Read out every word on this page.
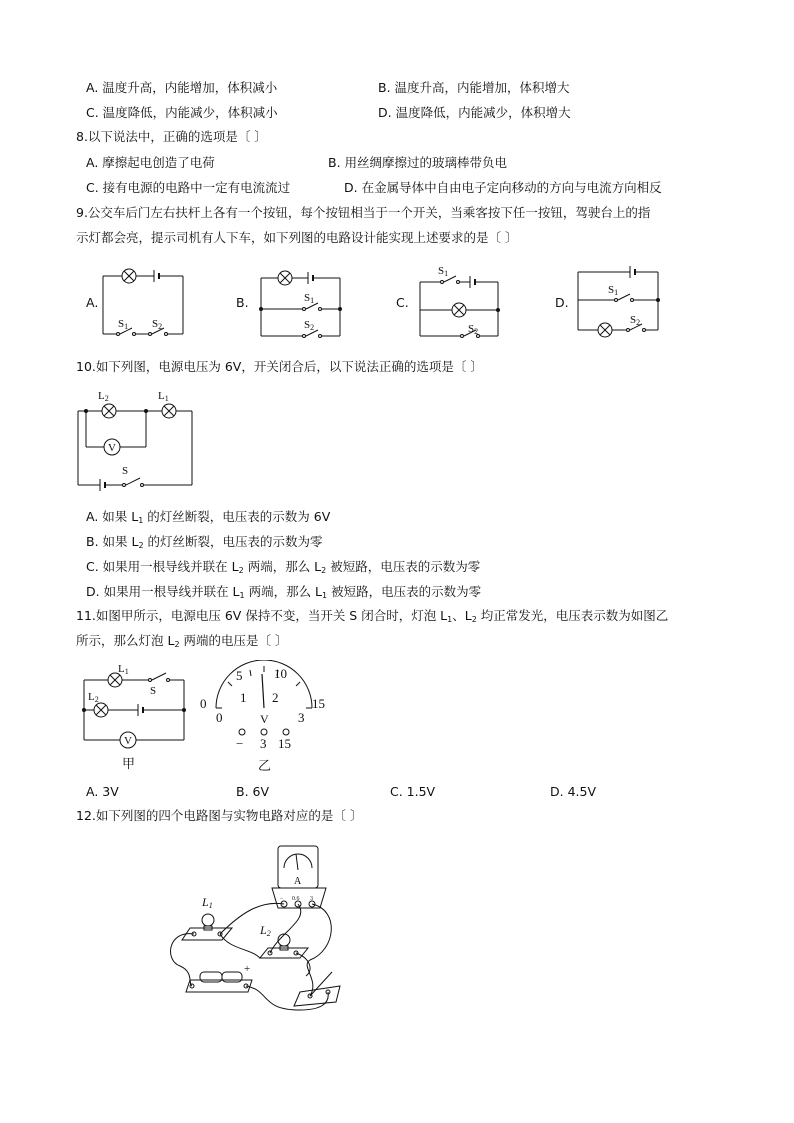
A. 温度升高，内能增加，体积减小	B. 温度升高，内能增加，体积增大
C. 温度降低，内能减少，体积减小	D. 温度降低，内能减少，体积增大
8.以下说法中，正确的选项是〔 〕
A. 摩擦起电创造了电荷	B. 用丝绸摩擦过的玻璃棒带负电
C. 接有电源的电路中一定有电流流过	D. 在金属导体中自由电子定向移动的方向与电流方向相反
9.公交车后门左右扶杆上各有一个按钮，每个按钮相当于一个开关，当乘客按下任一按钮，驾驶台上的指
示灯都会亮，提示司机有人下车，如下列图的电路设计能实现上述要求的是〔 〕
A.
S1 S2
B.	S1
S2
C.
S1
S2
D.
S1
S2
10.如下列图，电源电压为 6V，开关闭合后，以下说法正确的选项是〔 〕
L2	L1
V
S
A. 如果 $L_1$ 的灯丝断裂，电压表的示数为 6V
B. 如果 $L_2$ 的灯丝断裂，电压表的示数为零
C. 如果用一根导线并联在 $L_2$ 两端，那么 $L_2$ 被短路，电压表的示数为零
D. 如果用一根导线并联在 $L_1$ 两端，那么 $L_1$ 被短路，电压表的示数为零
11.如图甲所示，电源电压 6V 保持不变，当开关 S 闭合时，灯泡 $L_1$、$L_2$ 均正常发光，电压表示数为如图乙
所示，那么灯泡 $L_2$ 两端的电压是〔 〕
L1
L2
S
V
甲
0
5 10
15
0
1 2
3
V
− 3 15
乙
A. 3V	B. 6V	C. 1.5V	D. 4.5V
12.如下列图的四个电路图与实物电路对应的是〔 〕
L1
L2
A
+
− 0.6 3
